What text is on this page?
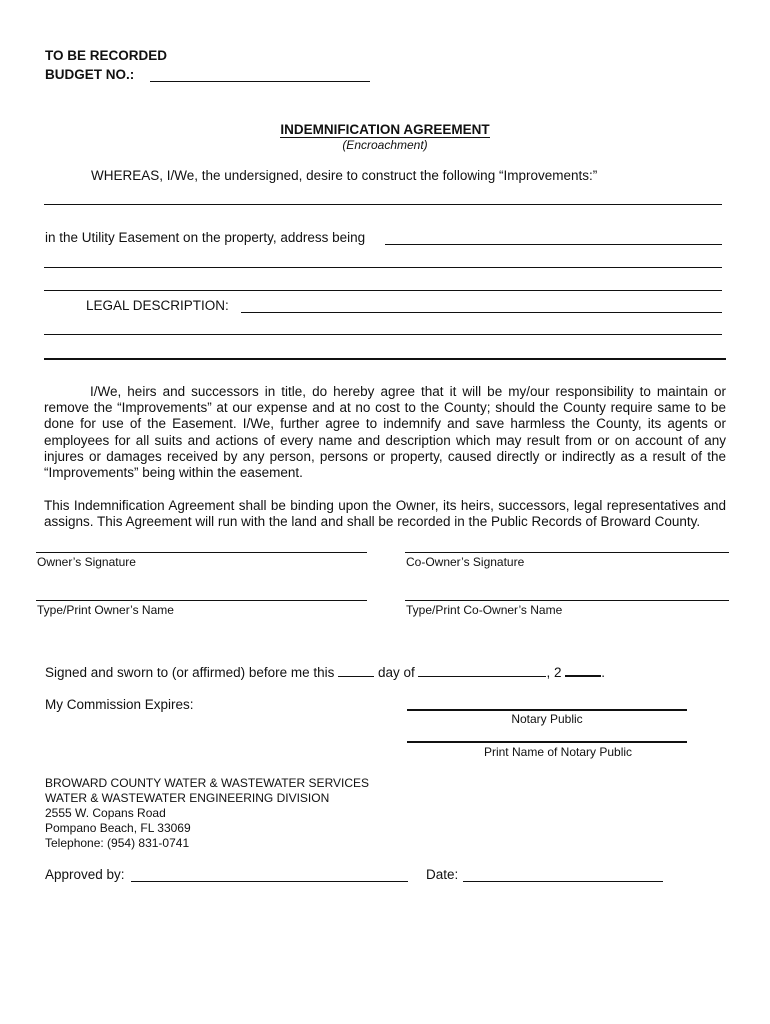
TO BE RECORDED
BUDGET NO.:
INDEMNIFICATION AGREEMENT
(Encroachment)
WHEREAS, I/We, the undersigned, desire to construct the following “Improvements:”
in the Utility Easement on the property, address being
LEGAL DESCRIPTION:
I/We, heirs and successors in title, do hereby agree that it will be my/our responsibility to maintain or remove the “Improvements” at our expense and at no cost to the County; should the County require same to be done for use of the Easement. I/We, further agree to indemnify and save harmless the County, its agents or employees for all suits and actions of every name and description which may result from or on account of any injures or damages received by any person, persons or property, caused directly or indirectly as a result of the “Improvements” being within the easement.
This Indemnification Agreement shall be binding upon the Owner, its heirs, successors, legal representatives and assigns. This Agreement will run with the land and shall be recorded in the Public Records of Broward County.
Owner’s Signature	Co-Owner’s Signature
Type/Print Owner’s Name	Type/Print Co-Owner’s Name
Signed and sworn to (or affirmed) before me this	day of	, 2	.
My Commission Expires:
Notary Public
Print Name of Notary Public
BROWARD COUNTY WATER & WASTEWATER SERVICES
WATER & WASTEWATER ENGINEERING DIVISION
2555 W. Copans Road
Pompano Beach, FL 33069
Telephone: (954) 831-0741
Approved by:	Date:
